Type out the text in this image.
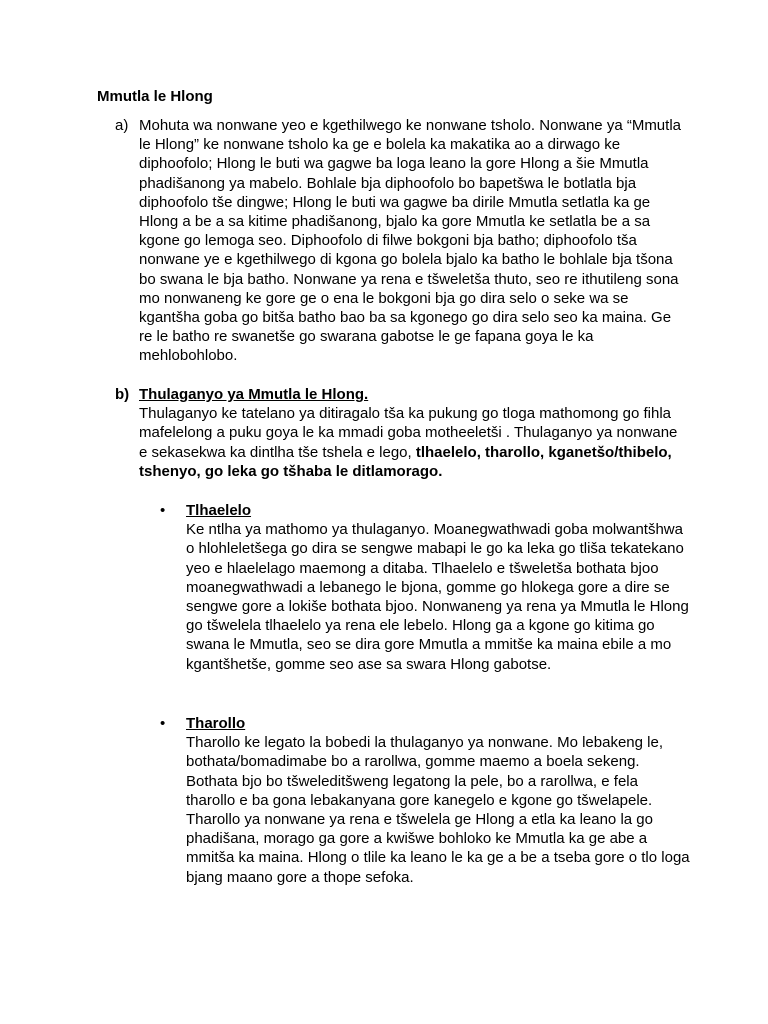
Mmutla le Hlong

a) Mohuta wa nonwane yeo e kgethilwego ke nonwane tsholo. Nonwane ya “Mmutla le Hlong” ke nonwane tsholo ka ge e bolela ka makatika ao a dirwago ke diphoofolo; Hlong le buti wa gagwe ba loga leano la gore Hlong a šie Mmutla phadišanong ya mabelo. Bohlale bja diphoofolo bo bapetšwa le botlatla bja diphoofolo tše dingwe; Hlong le buti wa gagwe ba dirile Mmutla setlatla ka ge Hlong a be a sa kitime phadišanong, bjalo ka gore Mmutla ke setlatla be a sa kgone go lemoga seo. Diphoofolo di filwe bokgoni bja batho; diphoofolo tša nonwane ye e kgethilwego di kgona go bolela bjalo ka batho le bohlale bja tšona bo swana le bja batho. Nonwane ya rena e tšweletša thuto, seo re ithutileng sona mo nonwaneng ke gore ge o ena le bokgoni bja go dira selo o seke wa se kgantšha goba go bitša batho bao ba sa kgonego go dira selo seo ka maina. Ge re le batho re swanetše go swarana gabotse le ge fapana goya le ka mehlobohlobo.
b) Thulaganyo ya Mmutla le Hlong.
Thulaganyo ke tatelano ya ditiragalo tša ka pukung go tloga mathomong go fihla mafelelong a puku goya le ka mmadi goba motheeletši . Thulaganyo ya nonwane e sekasekwa ka dintlha tše tshela e lego, tlhaelelo, tharollo, kganetšo/thibelo, tshenyo, go leka go tšhaba le ditlamorago.
• Tlhaelelo
Ke ntlha ya mathomo ya thulaganyo. Moanegwathwadi goba molwantšhwa o hlohleletšega go dira se sengwe mabapi le go ka leka go tliša tekatekano yeo e hlaelelago maemong a ditaba. Tlhaelelo e tšweletša bothata bjoo moanegwathwadi a lebanego le bjona, gomme go hlokega gore a dire se sengwe gore a lokiše bothata bjoo. Nonwaneng ya rena ya Mmutla le Hlong go tšwelela tlhaelelo ya rena ele lebelo. Hlong ga a kgone go kitima go swana le Mmutla, seo se dira gore Mmutla a mmitše ka maina ebile a mo kgantšhetše, gomme seo ase sa swara Hlong gabotse.
• Tharollo
Tharollo ke legato la bobedi la thulaganyo ya nonwane. Mo lebakeng le, bothata/bomadimabe bo a rarollwa, gomme maemo a boela sekeng. Bothata bjo bo tšweleditšweng legatong la pele, bo a rarollwa, e fela tharollo e ba gona lebakanyana gore kanegelo e kgone go tšwelapele. Tharollo ya nonwane ya rena e tšwelela ge Hlong a etla ka leano la go phadišana, morago ga gore a kwišwe bohloko ke Mmutla ka ge abe a mmitša ka maina. Hlong o tlile ka leano le ka ge a be a tseba gore o tlo loga bjang maano gore a thope sefoka.
